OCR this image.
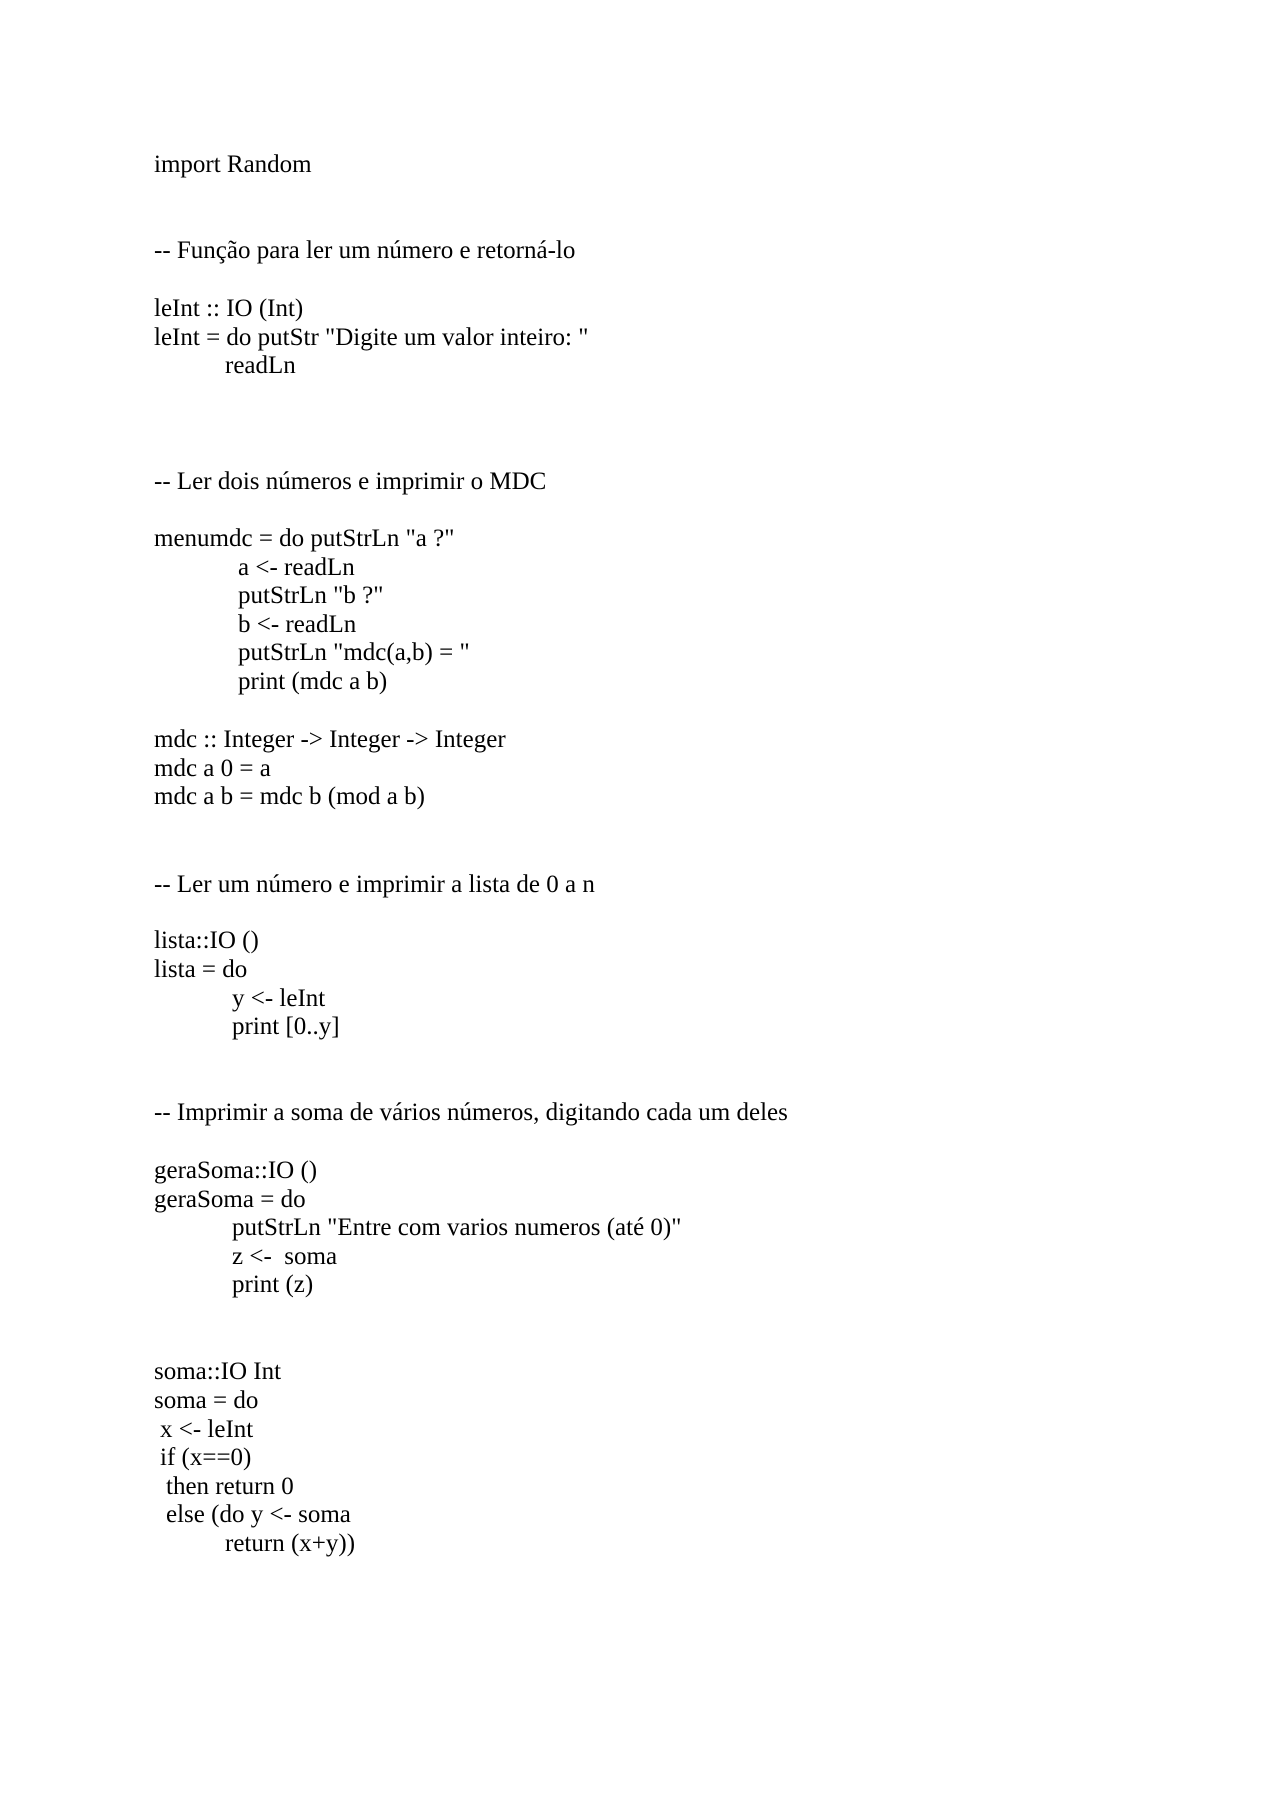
import Random

-- Função para ler um número e retorná-lo

leInt :: IO (Int)

leInt = do putStr "Digite um valor inteiro: "

readLn

-- Ler dois números e imprimir o MDC

menumdc = do putStrLn "a ?"

a <- readLn

putStrLn "b ?"

b <- readLn

putStrLn "mdc(a,b) = "

print (mdc a b)

mdc :: Integer -> Integer -> Integer

mdc a 0 = a

mdc a b = mdc b (mod a b)

-- Ler um número e imprimir a lista de 0 a n

lista::IO ()

lista = do

y <- leInt

print [0..y]

-- Imprimir a soma de vários números, digitando cada um deles

geraSoma::IO ()

geraSoma = do

putStrLn "Entre com varios numeros (até 0)"

z <-  soma

print (z)

soma::IO Int

soma = do

x <- leInt

if (x==0)

then return 0

else (do y <- soma

return (x+y))
